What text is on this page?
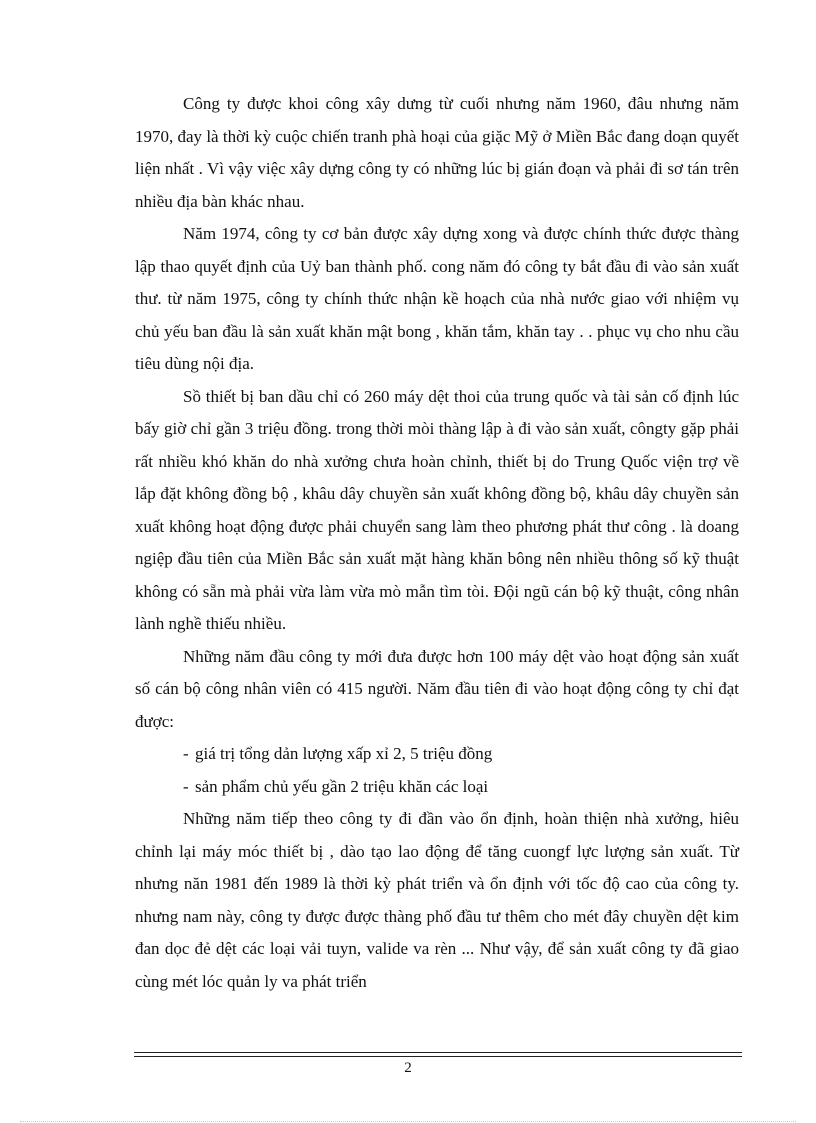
Công ty được khoi công xây dưng từ cuối nhưng năm 1960, đâu nhưng năm 1970, đay là thời kỳ cuộc chiến tranh phà hoại của giặc Mỹ ở Miền Bắc đang doạn quyết liện nhất . Vì vậy việc xây dựng công ty có những lúc bị gián đoạn và phải đi sơ tán trên nhiều địa bàn khác nhau.

Năm 1974, công ty cơ bản được xây dựng xong và được chính thức được thàng lập thao quyết định của Uỷ ban thành phố. cong năm đó công ty bắt đầu đi vào sản xuất thư. từ năm 1975, công ty chính thức nhận kề hoạch của nhà nước giao với nhiệm vụ chủ yếu ban đầu là sản xuất khăn mật bong , khăn tắm, khăn tay . . phục vụ cho nhu cầu tiêu dùng nội địa.

Sồ thiết bị ban dầu chỉ có 260 máy dệt thoi của trung quốc và tài sản cố định lúc bấy giờ chỉ gần 3 triệu đồng. trong thời mòi thàng lập à đi vào sản xuất, côngty gặp phải rất nhiều khó khăn do nhà xưởng chưa hoàn chỉnh, thiết bị do Trung Quốc viện trợ về lắp đặt không đồng bộ , khâu dây chuyền sản xuất không đồng bộ, khâu dây chuyền sản xuất không hoạt động được phải chuyển sang làm theo phương phát thư công . là doang ngiệp đầu tiên của Miền Bắc sản xuất mặt hàng khăn bông nên nhiều thông số kỹ thuật không có sẵn mà phải vừa làm vừa mò mẫn tìm tòi. Đội ngũ cán bộ kỹ thuật, công nhân lành nghề thiếu nhiều.

Những năm đầu công ty mới đưa được hơn 100 máy dệt vào hoạt động sản xuất số cán bộ công nhân viên có 415 người. Năm đầu tiên đi vào hoạt động công ty chỉ đạt được:

- giá trị tổng dản lượng xấp xỉ 2, 5 triệu đồng

- sản phẩm chủ yếu gần 2 triệu khăn các loại

Những năm tiếp theo công ty đi đần vào ổn định, hoàn thiện nhà xưởng, hiêu chỉnh lại máy móc thiết bị , dào tạo lao động để tăng cuongf lực lượng sản xuất. Từ nhưng năn 1981 đến 1989 là thời kỳ phát triển và ổn định với tốc độ cao của công ty. nhưng nam này, công ty được được thàng phố đầu tư thêm cho mét đây chuyền dệt kim đan dọc đẻ dệt các loại vải tuyn, valide va rèn ... Như vậy, để sản xuất công ty đã giao cùng mét lóc quản ly va phát triển

2
